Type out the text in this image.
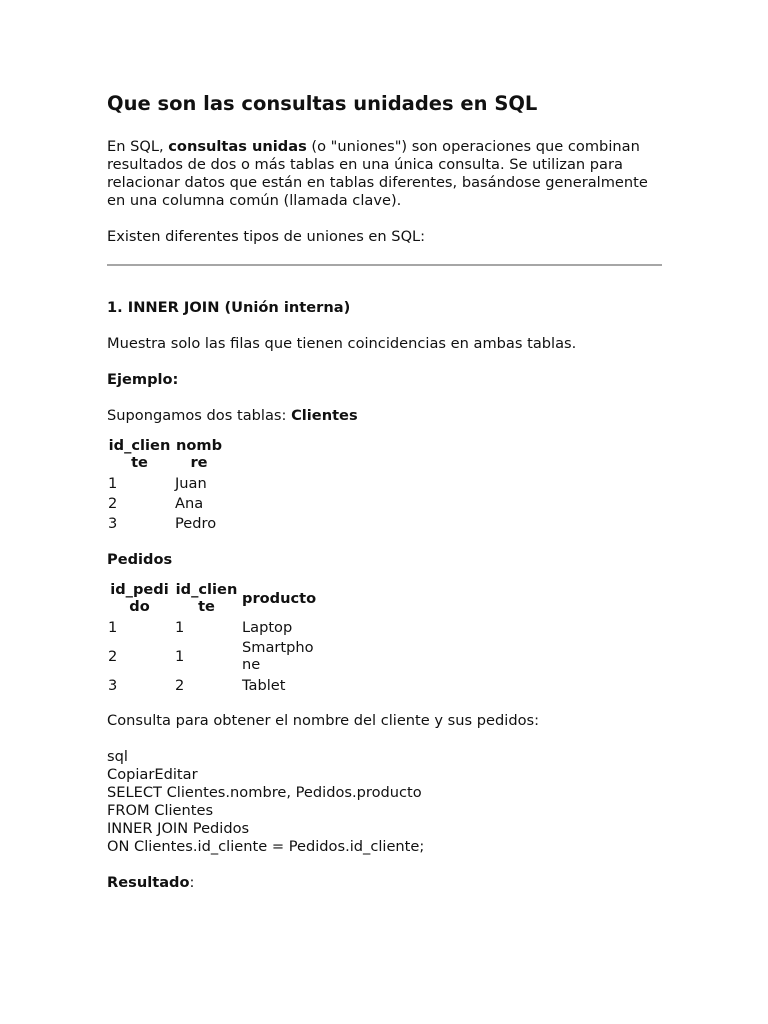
Que son las consultas unidades en SQL

En SQL, consultas unidas (o "uniones") son operaciones que combinan resultados de dos o más tablas en una única consulta. Se utilizan para relacionar datos que están en tablas diferentes, basándose generalmente en una columna común (llamada clave).

Existen diferentes tipos de uniones en SQL:

1. INNER JOIN (Unión interna)

Muestra solo las filas que tienen coincidencias en ambas tablas.

Ejemplo:

Supongamos dos tablas: Clientes

id_clien te	nomb re
1	Juan
2	Ana
3	Pedro

Pedidos

id_pedi do	id_clien te	producto
1	1	Laptop
2	1	Smartpho ne
3	2	Tablet

Consulta para obtener el nombre del cliente y sus pedidos:

sql

CopiarEditar

SELECT Clientes.nombre, Pedidos.producto

FROM Clientes

INNER JOIN Pedidos

ON Clientes.id_cliente = Pedidos.id_cliente;

Resultado:
